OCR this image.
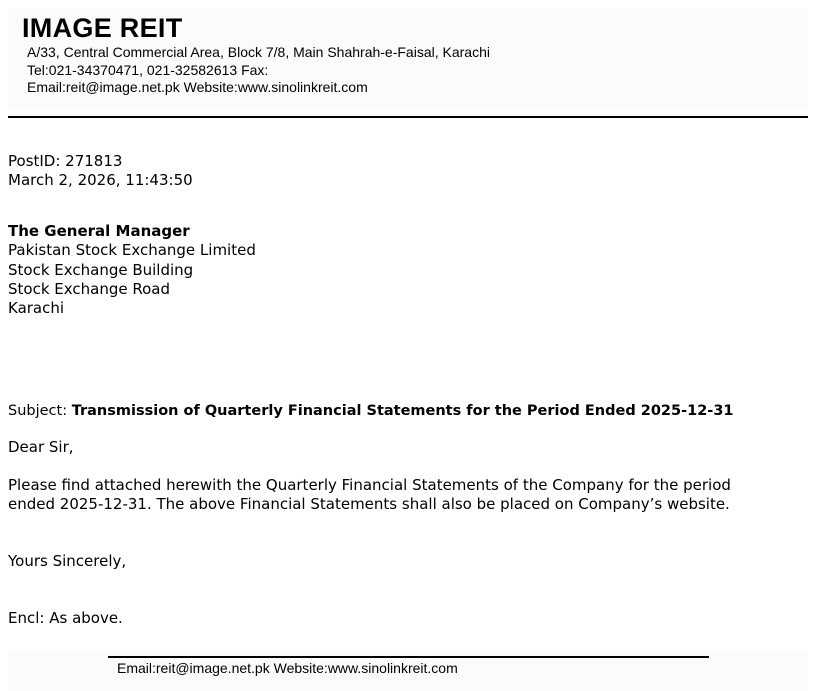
IMAGE REIT
A/33, Central Commercial Area, Block 7/8, Main Shahrah-e-Faisal, Karachi
Tel:021-34370471, 021-32582613 Fax:
Email:reit@image.net.pk Website:www.sinolinkreit.com
PostID: 271813
March 2, 2026, 11:43:50
The General Manager
Pakistan Stock Exchange Limited
Stock Exchange Building
Stock Exchange Road
Karachi
Subject: Transmission of Quarterly Financial Statements for the Period Ended 2025-12-31
Dear Sir,
Please find attached herewith the Quarterly Financial Statements of the Company for the period
ended 2025-12-31. The above Financial Statements shall also be placed on Company’s website.
Yours Sincerely,
Encl: As above.
Email:reit@image.net.pk Website:www.sinolinkreit.com
